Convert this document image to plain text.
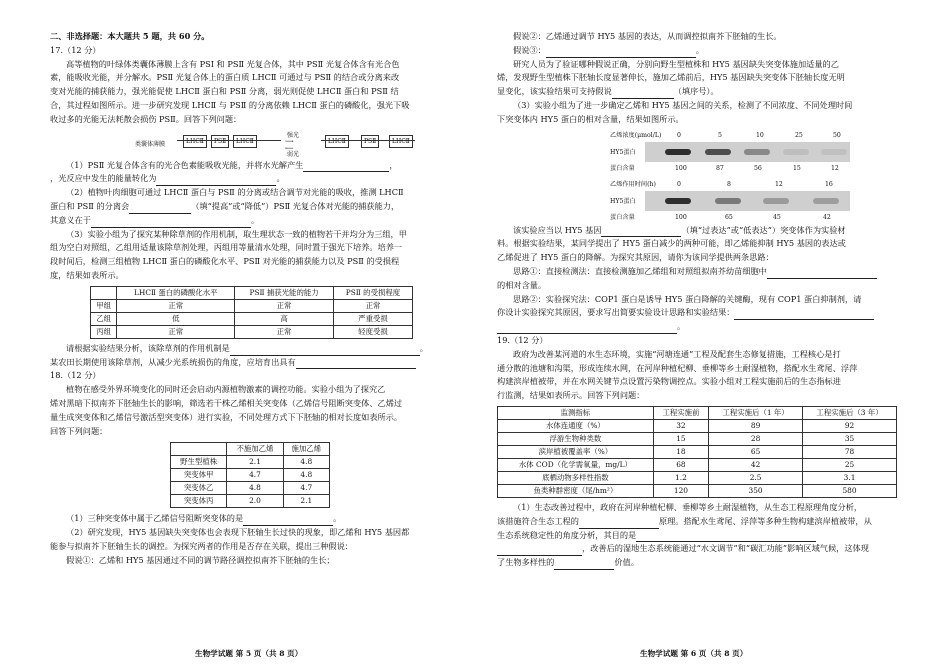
二、非选择题：本大题共 5 题，共 60 分。

17.（12 分）

高等植物的叶绿体类囊体薄膜上含有 PSⅠ 和 PSⅡ 光复合体，其中 PSⅡ 光复合体含有光合色

素，能吸收光能，并分解水。PSⅡ 光复合体上的蛋白质 LHCⅡ 可通过与 PSⅡ 的结合或分离来改

变对光能的捕获能力，强光能促使 LHCⅡ 蛋白和 PSⅡ 分离，弱光则促使 LHCⅡ 蛋白和 PSⅡ 结

合，其过程如图所示。进一步研究发现 LHCⅡ 与 PSⅡ 的分离依赖 LHCⅡ 蛋白的磷酸化，强光下吸

收过多的光能无法耗散会损伤 PSⅡ。回答下列问题：

类囊体薄膜	LHCⅡ	PSⅡ	LHCⅡ
强光
⟶
⟵
弱光
LHCⅡ	PSⅡ	LHCⅡ

（1）PSⅡ 光复合体含有的光合色素能吸收光能，并将水光解产生	，

，光反应中发生的能量转化为	。

（2）植物叶肉细胞可通过 LHCⅡ 蛋白与 PSⅡ 的分离或结合调节对光能的吸收，推测 LHCⅡ

蛋白和 PSⅡ 的分离会	（填“提高”或“降低”）PSⅡ 光复合体对光能的捕获能力，

其意义在于	。

（3）实验小组为了探究某种除草剂的作用机制，取生理状态一致的植物若干并均分为三组，甲

组为空白对照组，乙组用适量该除草剂处理，丙组用等量清水处理，同时置于强光下培养。培养一

段时间后，检测三组植物 LHCⅡ 蛋白的磷酸化水平、PSⅡ 对光能的捕获能力以及 PSⅡ 的受损程

度，结果如表所示。

	LHCⅡ 蛋白的磷酸化水平	PSⅡ 捕获光能的能力	PSⅡ 的受损程度
甲组	正常	正常	正常
乙组	低	高	严重受损
丙组	正常	正常	轻度受损

请根据实验结果分析，该除草剂的作用机制是	。

某农田长期使用该除草剂，从减少光系统损伤的角度，应培育出具有

18.（12 分）

植物在感受外界环境变化的同时还会启动内源植物激素的调控功能。实验小组为了探究乙

烯对黑暗下拟南芥下胚轴生长的影响，筛选若干株乙烯相关突变体（乙烯信号阻断突变体、乙烯过

量生成突变体和乙烯信号激活型突变体）进行实验，不同处理方式下下胚轴的相对长度如表所示。

回答下列问题：

	不施加乙烯	施加乙烯
野生型植株	2.1	4.8
突变体甲	4.7	4.8
突变体乙	4.8	4.7
突变体丙	2.0	2.1

（1）三种突变体中属于乙烯信号阻断突变体的是	。

（2）研究发现，HY5 基因缺失突变体也会表现下胚轴生长过快的现象，即乙烯和 HY5 基因都

能参与拟南芥下胚轴生长的调控。为探究两者的作用是否存在关联，提出三种假说：

假说①：乙烯和 HY5 基因通过不同的调节路径调控拟南芥下胚轴的生长；

生物学试题 第 5 页（共 8 页）

假说②：乙烯通过调节 HY5 基因的表达，从而调控拟南芥下胚轴的生长。

假说③：	。

研究人员为了验证哪种假说正确，分别向野生型植株和 HY5 基因缺失突变体施加适量的乙

烯，发现野生型植株下胚轴长度显著伸长，施加乙烯前后，HY5 基因缺失突变体下胚轴长度无明

显变化，该实验结果可支持假说	（填序号）。

（3）实验小组为了进一步确定乙烯和 HY5 基因之间的关系，检测了不同浓度、不同处理时间

下突变体内 HY5 蛋白的相对含量，结果如图所示。

乙烯浓度(μmol/L)	0	5	10	25	50
HY5蛋白
蛋白含量	100	87	56	15	12
乙烯作用时间(h)	0	8	12	16
HY5蛋白
蛋白含量	100	65	45	42

该实验应当以 HY5 基因	（填“过表达”或“低表达”）突变体作为实验材

料。根据实验结果，某同学提出了 HY5 蛋白减少的两种可能，即乙烯能抑制 HY5 基因的表达或

乙烯促进了 HY5 蛋白的降解。为探究其原因，请你为该同学提供两条思路：

思路①：直接检测法：直接检测施加乙烯组和对照组拟南芥幼苗细胞中

的相对含量。

思路②：实验探究法：COP1 蛋白是诱导 HY5 蛋白降解的关键酶，现有 COP1 蛋白抑制剂，请

你设计实验探究其原因，要求写出简要实验设计思路和实验结果：

。

19.（12 分）

政府为改善某河道的水生态环境，实施“河塘连通”工程及配套生态修复措施，工程核心是打

通分散的池塘和沟渠，形成连续水网，在河岸种植杞柳、垂柳等乡土耐湿植物，搭配水生鸢尾、浮萍

构建滨岸植被带，并在水网关键节点设置污染物调控点。实验小组对工程实施前后的生态指标进

行监测，结果如表所示。回答下列问题：

监测指标	工程实施前	工程实施后（1 年）	工程实施后（3 年）
水体连通度（%）	32	89	92
浮游生物种类数	15	28	35
滨岸植被覆盖率（%）	18	65	78
水体 COD（化学需氧量，mg/L）	68	42	25
底栖动物多样性指数	1.2	2.5	3.1
鱼类种群密度（尾/hm²）	120	350	580

（1）生态改善过程中，政府在河岸种植杞柳、垂柳等乡土耐湿植物，从生态工程原理角度分析，

该措施符合生态工程的	原理。搭配水生鸢尾、浮萍等多种生物构建滨岸植被带，从

生态系统稳定性的角度分析，其目的是

，改善后的湿地生态系统能通过“水文调节”和“碳汇功能”影响区域气候，这体现

了生物多样性的	价值。

生物学试题 第 6 页（共 8 页）
